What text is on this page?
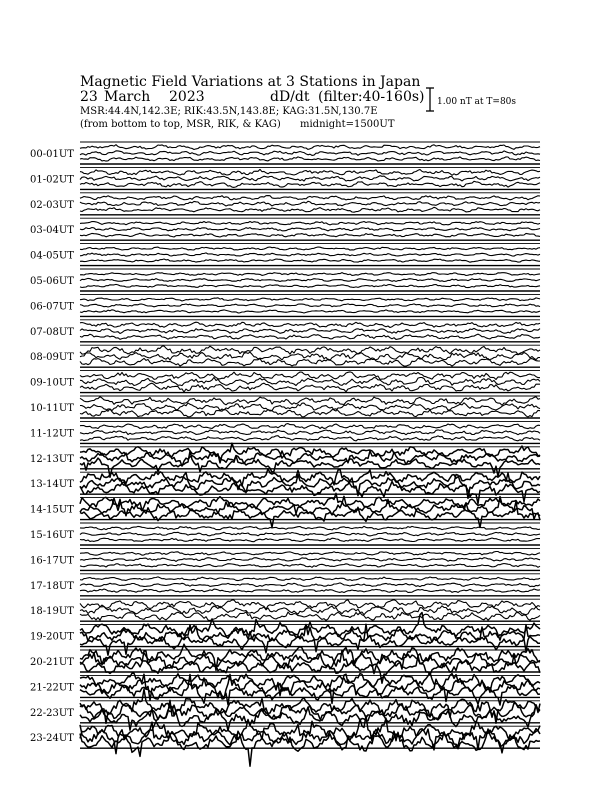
Magnetic Field Variations at 3 Stations in Japan
23 March 2023	dD/dt (filter:40-160s)
MSR:44.4N,142.3E; RIK:43.5N,143.8E; KAG:31.5N,130.7E
(from bottom to top, MSR, RIK, & KAG) midnight=1500UT
1.00 nT at T=80s
00-01UT
01-02UT
02-03UT
03-04UT
04-05UT
05-06UT
06-07UT
07-08UT
08-09UT
09-10UT
10-11UT
11-12UT
12-13UT
13-14UT
14-15UT
15-16UT
16-17UT
17-18UT
18-19UT
19-20UT
20-21UT
21-22UT
22-23UT
23-24UT
